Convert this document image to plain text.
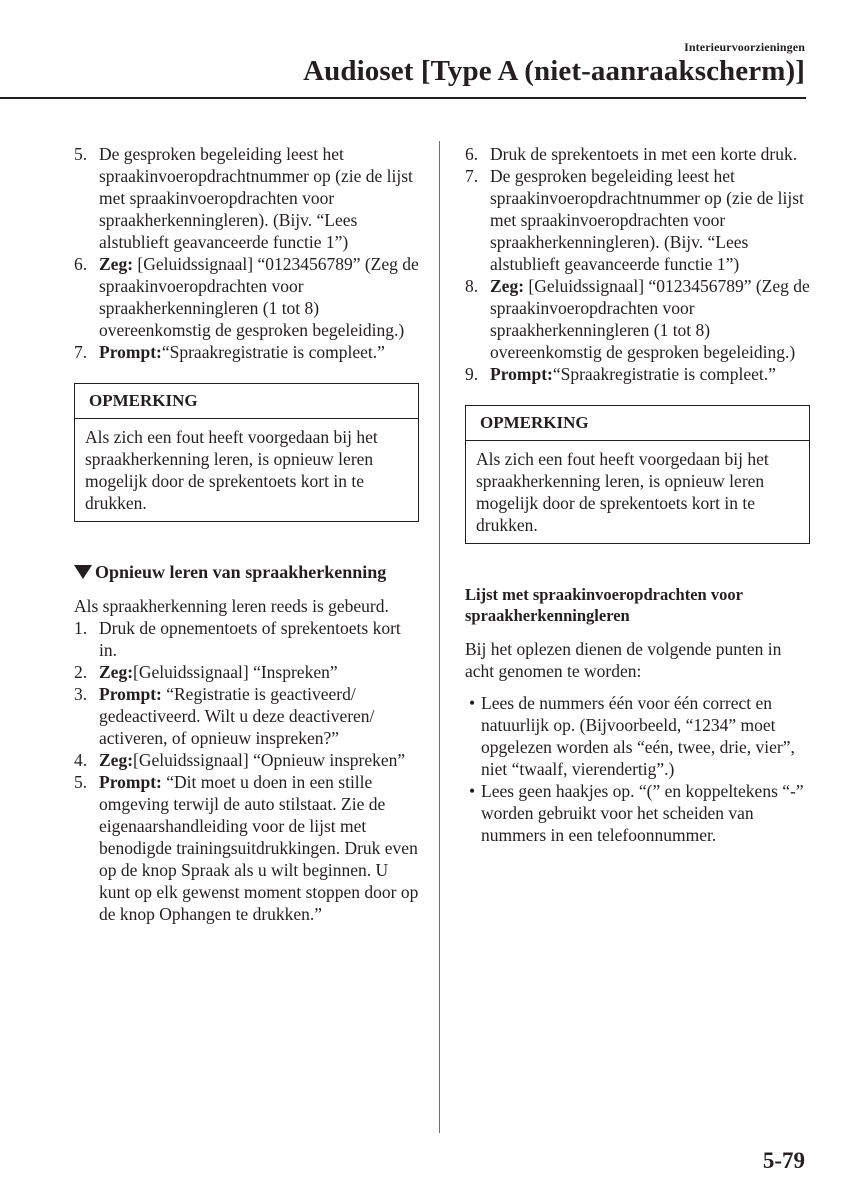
Interieurvoorzieningen
Audioset [Type A (niet-aanraakscherm)]
5. De gesproken begeleiding leest het spraakinvoeropdrachtnummer op (zie de lijst met spraakinvoeropdrachten voor spraakherkenningleren). (Bijv. “Lees alstublieft geavanceerde functie 1”)
6. Zeg: [Geluidssignaal] “0123456789” (Zeg de spraakinvoeropdrachten voor spraakherkenningleren (1 tot 8) overeenkomstig de gesproken begeleiding.)
7. Prompt:“Spraakregistratie is compleet.”
OPMERKING
Als zich een fout heeft voorgedaan bij het spraakherkenning leren, is opnieuw leren mogelijk door de sprekentoets kort in te drukken.
Opnieuw leren van spraakherkenning
Als spraakherkenning leren reeds is gebeurd.
1. Druk de opnementoets of sprekentoets kort in.
2. Zeg:[Geluidssignaal] “Inspreken”
3. Prompt: “Registratie is geactiveerd/ gedeactiveerd. Wilt u deze deactiveren/ activeren, of opnieuw inspreken?”
4. Zeg:[Geluidssignaal] “Opnieuw inspreken”
5. Prompt: “Dit moet u doen in een stille omgeving terwijl de auto stilstaat. Zie de eigenaarshandleiding voor de lijst met benodigde trainingsuitdrukkingen. Druk even op de knop Spraak als u wilt beginnen. U kunt op elk gewenst moment stoppen door op de knop Ophangen te drukken.”
6. Druk de sprekentoets in met een korte druk.
7. De gesproken begeleiding leest het spraakinvoeropdrachtnummer op (zie de lijst met spraakinvoeropdrachten voor spraakherkenningleren). (Bijv. “Lees alstublieft geavanceerde functie 1”)
8. Zeg: [Geluidssignaal] “0123456789” (Zeg de spraakinvoeropdrachten voor spraakherkenningleren (1 tot 8) overeenkomstig de gesproken begeleiding.)
9. Prompt:“Spraakregistratie is compleet.”
OPMERKING
Als zich een fout heeft voorgedaan bij het spraakherkenning leren, is opnieuw leren mogelijk door de sprekentoets kort in te drukken.
Lijst met spraakinvoeropdrachten voor spraakherkenningleren
Bij het oplezen dienen de volgende punten in acht genomen te worden:
• Lees de nummers één voor één correct en natuurlijk op. (Bijvoorbeeld, “1234” moet opgelezen worden als “eén, twee, drie, vier”, niet “twaalf, vierendertig”.)
• Lees geen haakjes op. “(” en koppeltekens “-” worden gebruikt voor het scheiden van nummers in een telefoonnummer.
5-79
